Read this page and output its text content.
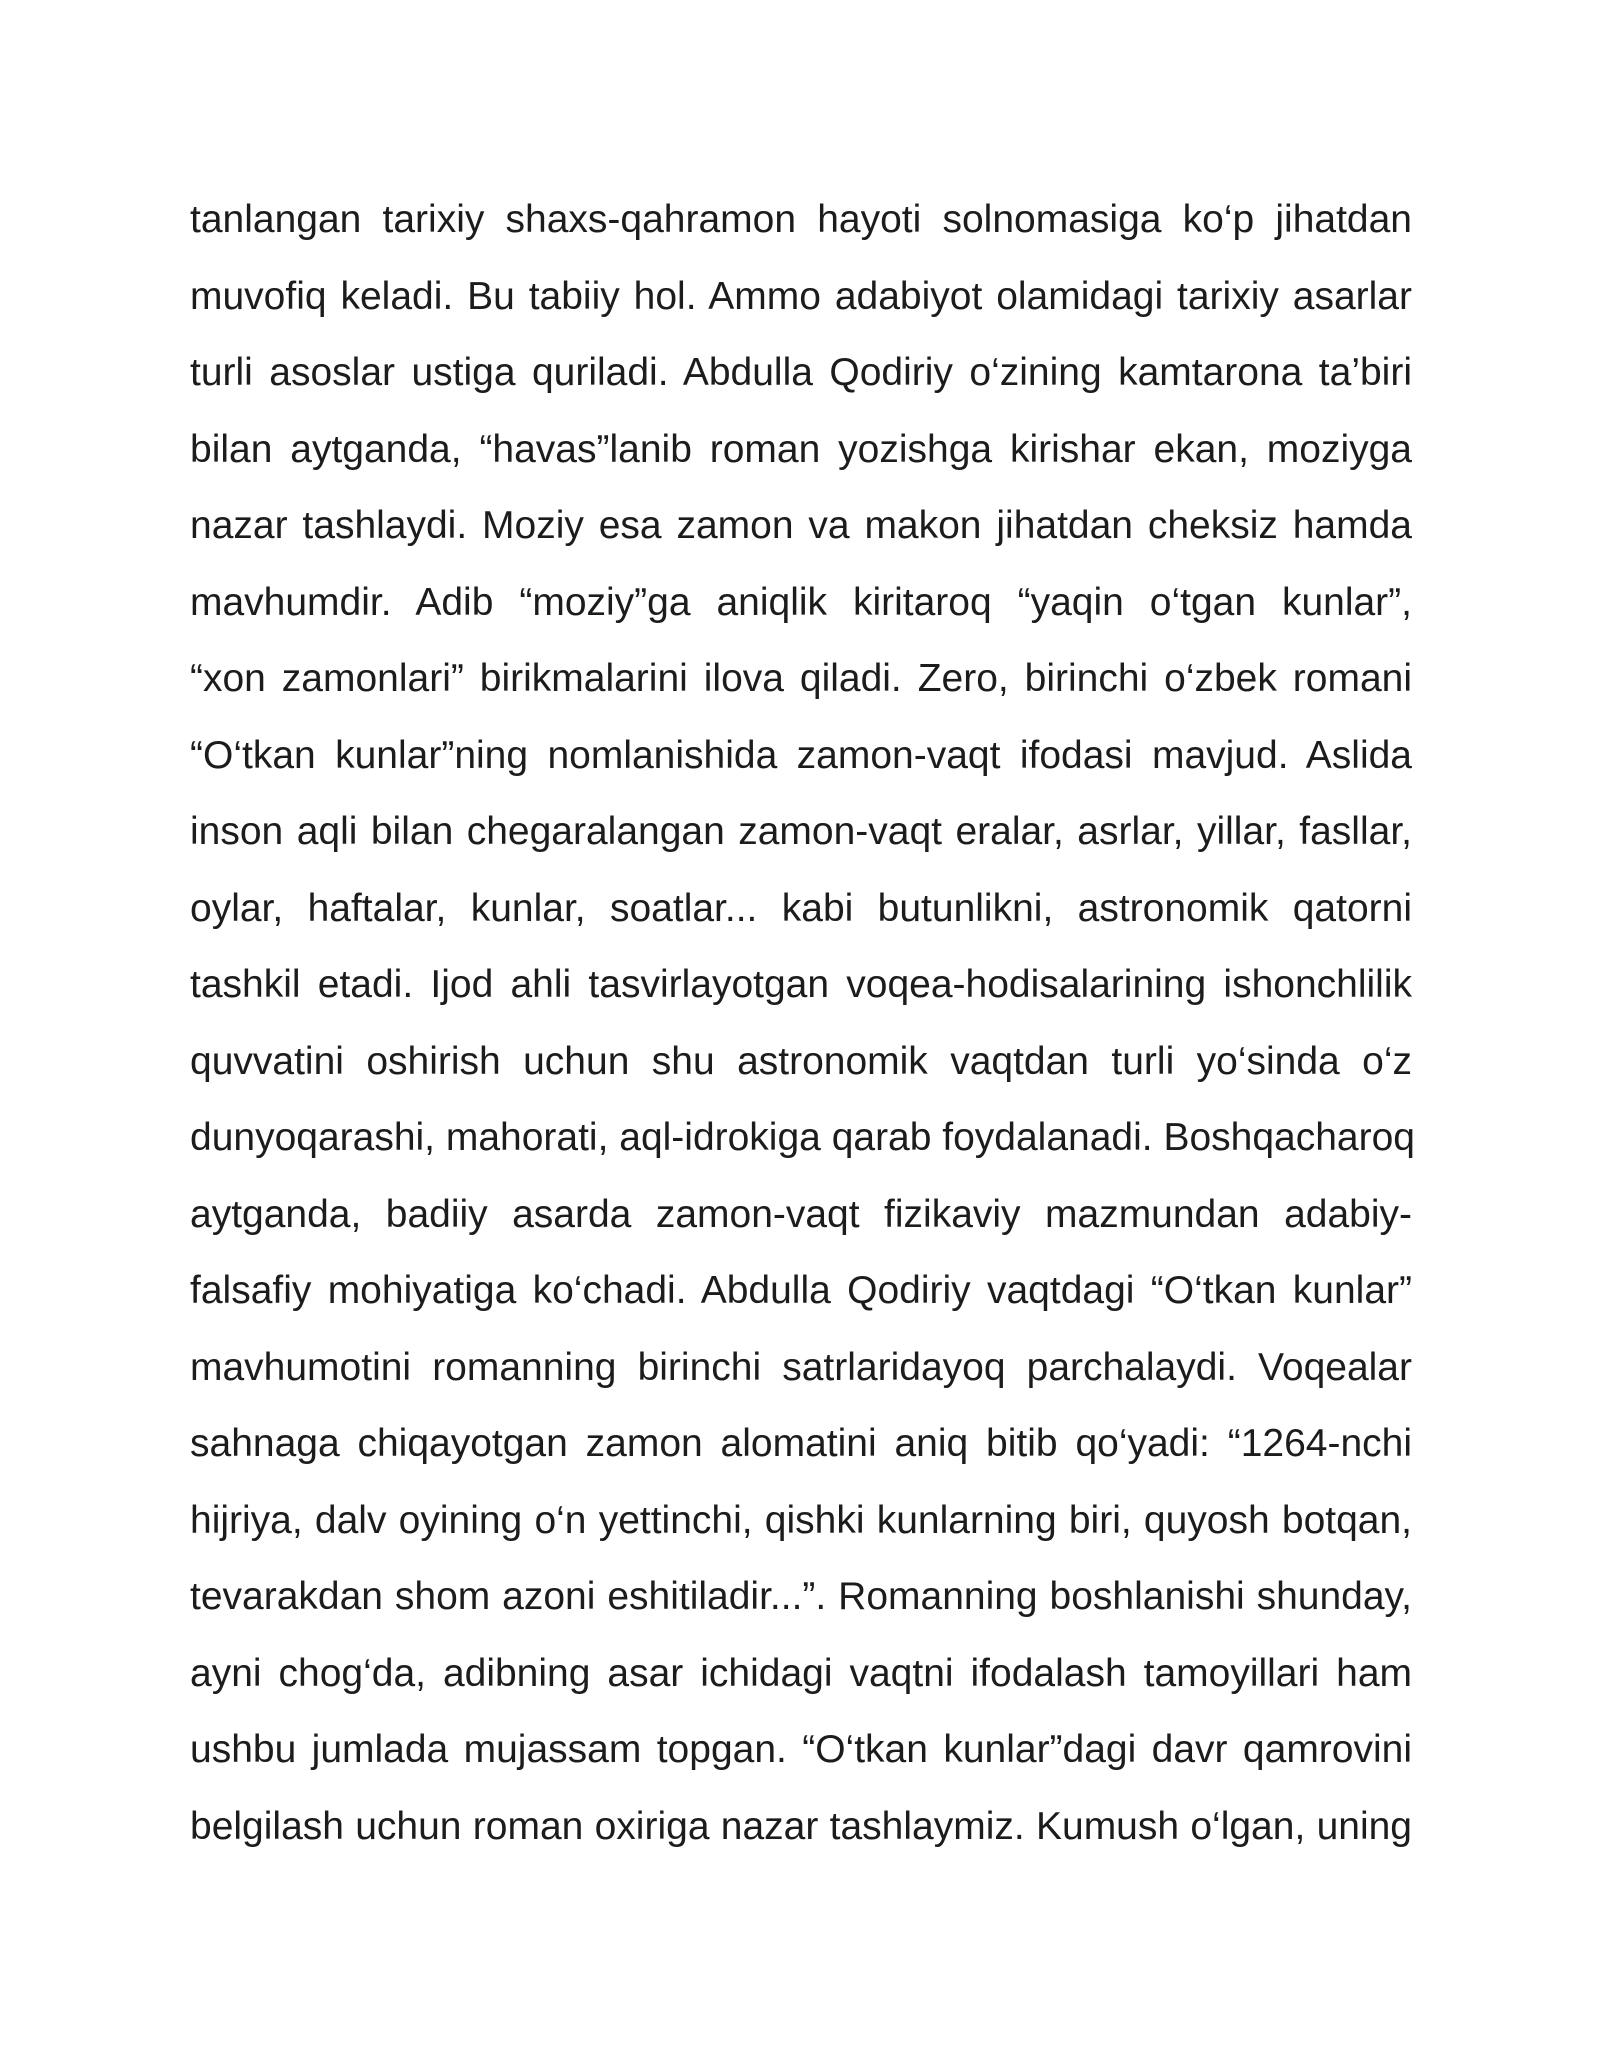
tanlangan tarixiy shaxs-qahramon hayoti solnomasiga ko‘p jihatdan
muvofiq keladi. Bu tabiiy hol. Ammo adabiyot olamidagi tarixiy asarlar
turli asoslar ustiga quriladi. Abdulla Qodiriy o‘zining kamtarona ta’biri
bilan aytganda, “havas”lanib roman yozishga kirishar ekan, moziyga
nazar tashlaydi. Moziy esa zamon va makon jihatdan cheksiz hamda
mavhumdir. Adib “moziy”ga aniqlik kiritaroq “yaqin o‘tgan kunlar”,
“xon zamonlari” birikmalarini ilova qiladi. Zero, birinchi o‘zbek romani
“O‘tkan kunlar”ning nomlanishida zamon-vaqt ifodasi mavjud. Aslida
inson aqli bilan chegaralangan zamon-vaqt eralar, asrlar, yillar, fasllar,
oylar, haftalar, kunlar, soatlar... kabi butunlikni, astronomik qatorni
tashkil etadi. Ijod ahli tasvirlayotgan voqea-hodisalarining ishonchlilik
quvvatini oshirish uchun shu astronomik vaqtdan turli yo‘sinda o‘z
dunyoqarashi, mahorati, aql-idrokiga qarab foydalanadi. Boshqacharoq
aytganda, badiiy asarda zamon-vaqt fizikaviy mazmundan adabiy-
falsafiy mohiyatiga ko‘chadi. Abdulla Qodiriy vaqtdagi “O‘tkan kunlar”
mavhumotini romanning birinchi satrlaridayoq parchalaydi. Voqealar
sahnaga chiqayotgan zamon alomatini aniq bitib qo‘yadi: “1264-nchi
hijriya, dalv oyining o‘n yettinchi, qishki kunlarning biri, quyosh botqan,
tevarakdan shom azoni eshitiladir...”. Romanning boshlanishi shunday,
ayni chog‘da, adibning asar ichidagi vaqtni ifodalash tamoyillari ham
ushbu jumlada mujassam topgan. “O‘tkan kunlar”dagi davr qamrovini
belgilash uchun roman oxiriga nazar tashlaymiz. Kumush o‘lgan, uning
